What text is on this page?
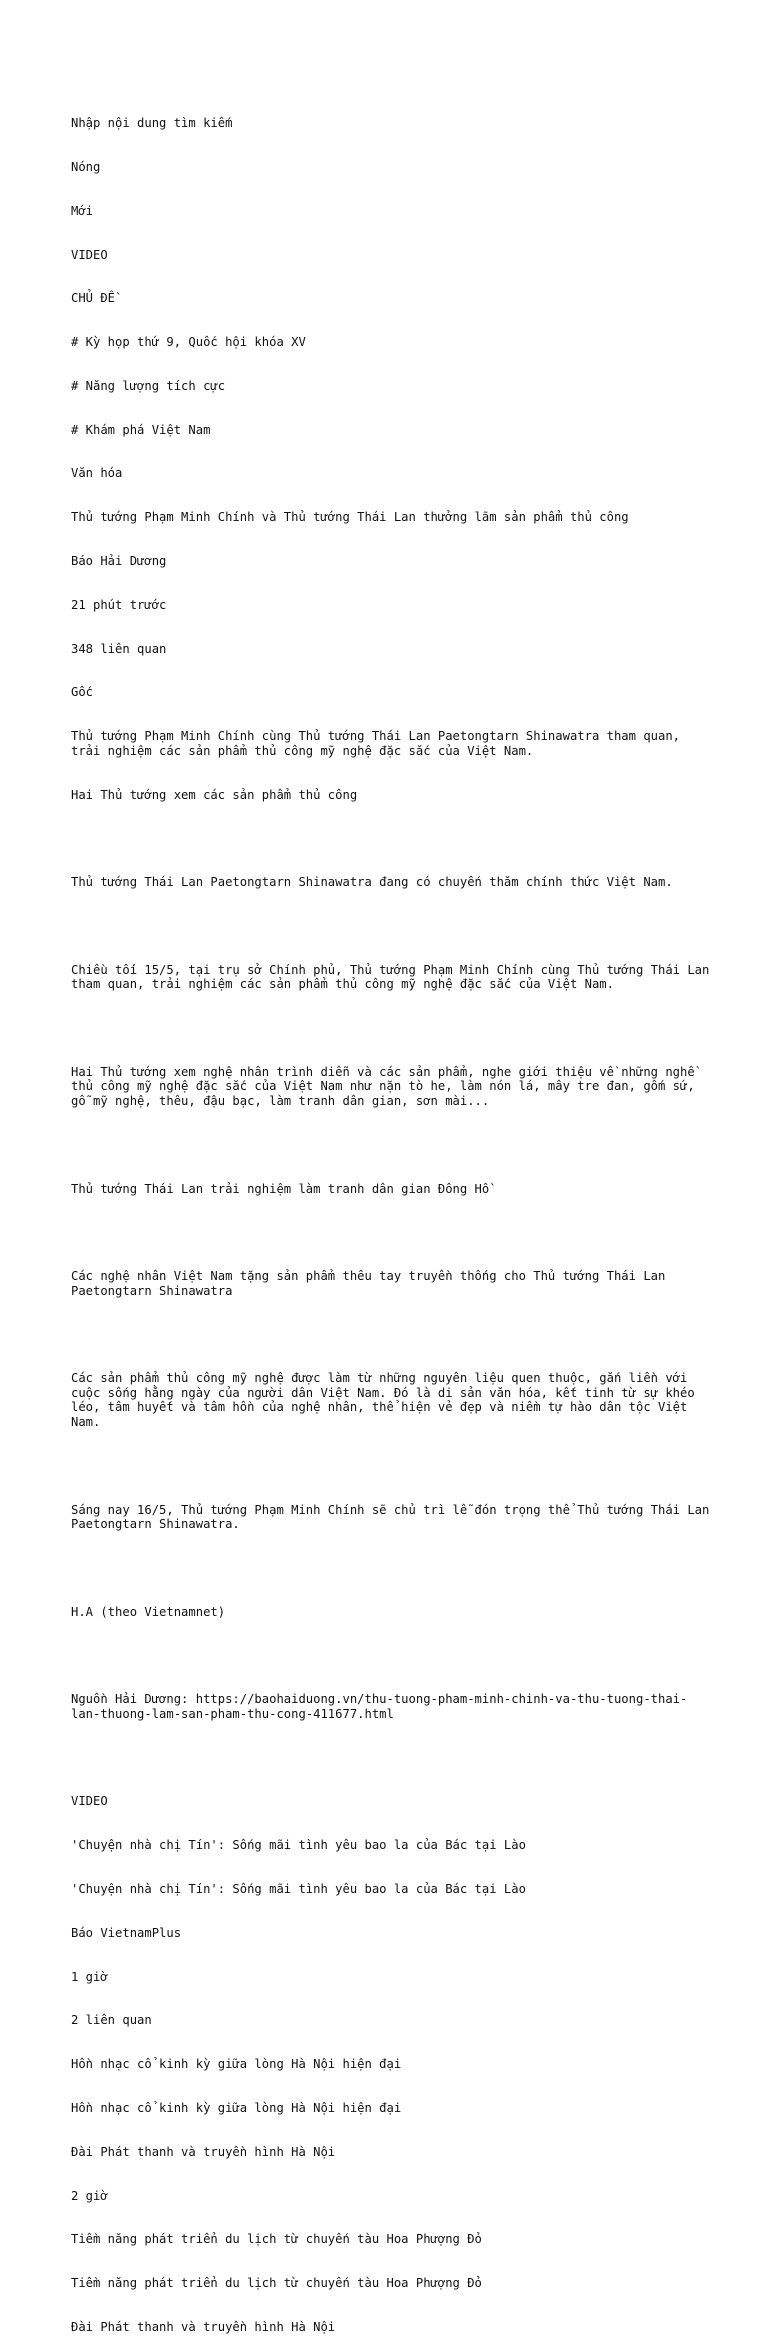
Nhập nội dung tìm kiếm

Nóng

Mới

VIDEO

CHỦ ĐỀ

# Kỳ họp thứ 9, Quốc hội khóa XV

# Năng lượng tích cực

# Khám phá Việt Nam

Văn hóa

Thủ tướng Phạm Minh Chính và Thủ tướng Thái Lan thưởng lãm sản phẩm thủ công

Báo Hải Dương

21 phút trước

348 liên quan

Gốc

Thủ tướng Phạm Minh Chính cùng Thủ tướng Thái Lan Paetongtarn Shinawatra tham quan, trải nghiệm các sản phẩm thủ công mỹ nghệ đặc sắc của Việt Nam.

Hai Thủ tướng xem các sản phẩm thủ công

Thủ tướng Thái Lan Paetongtarn Shinawatra đang có chuyến thăm chính thức Việt Nam.

Chiều tối 15/5, tại trụ sở Chính phủ, Thủ tướng Phạm Minh Chính cùng Thủ tướng Thái Lan tham quan, trải nghiệm các sản phẩm thủ công mỹ nghệ đặc sắc của Việt Nam.

Hai Thủ tướng xem nghệ nhân trình diễn và các sản phẩm, nghe giới thiệu về những nghề thủ công mỹ nghệ đặc sắc của Việt Nam như nặn tò he, làm nón lá, mây tre đan, gốm sứ, gỗ mỹ nghệ, thêu, đậu bạc, làm tranh dân gian, sơn mài...

Thủ tướng Thái Lan trải nghiệm làm tranh dân gian Đông Hồ

Các nghệ nhân Việt Nam tặng sản phẩm thêu tay truyền thống cho Thủ tướng Thái Lan Paetongtarn Shinawatra

Các sản phẩm thủ công mỹ nghệ được làm từ những nguyên liệu quen thuộc, gắn liền với cuộc sống hằng ngày của người dân Việt Nam. Đó là di sản văn hóa, kết tinh từ sự khéo léo, tâm huyết và tâm hồn của nghệ nhân, thể hiện vẻ đẹp và niềm tự hào dân tộc Việt Nam.

Sáng nay 16/5, Thủ tướng Phạm Minh Chính sẽ chủ trì lễ đón trọng thể Thủ tướng Thái Lan Paetongtarn Shinawatra.

H.A (theo Vietnamnet)

Nguồn Hải Dương: https://baohaiduong.vn/thu-tuong-pham-minh-chinh-va-thu-tuong-thai-lan-thuong-lam-san-pham-thu-cong-411677.html

VIDEO

'Chuyện nhà chị Tín': Sống mãi tình yêu bao la của Bác tại Lào

'Chuyện nhà chị Tín': Sống mãi tình yêu bao la của Bác tại Lào

Báo VietnamPlus

1 giờ

2 liên quan

Hồn nhạc cổ kinh kỳ giữa lòng Hà Nội hiện đại

Hồn nhạc cổ kinh kỳ giữa lòng Hà Nội hiện đại

Đài Phát thanh và truyền hình Hà Nội

2 giờ

Tiềm năng phát triển du lịch từ chuyến tàu Hoa Phượng Đỏ

Tiềm năng phát triển du lịch từ chuyến tàu Hoa Phượng Đỏ

Đài Phát thanh và truyền hình Hà Nội
